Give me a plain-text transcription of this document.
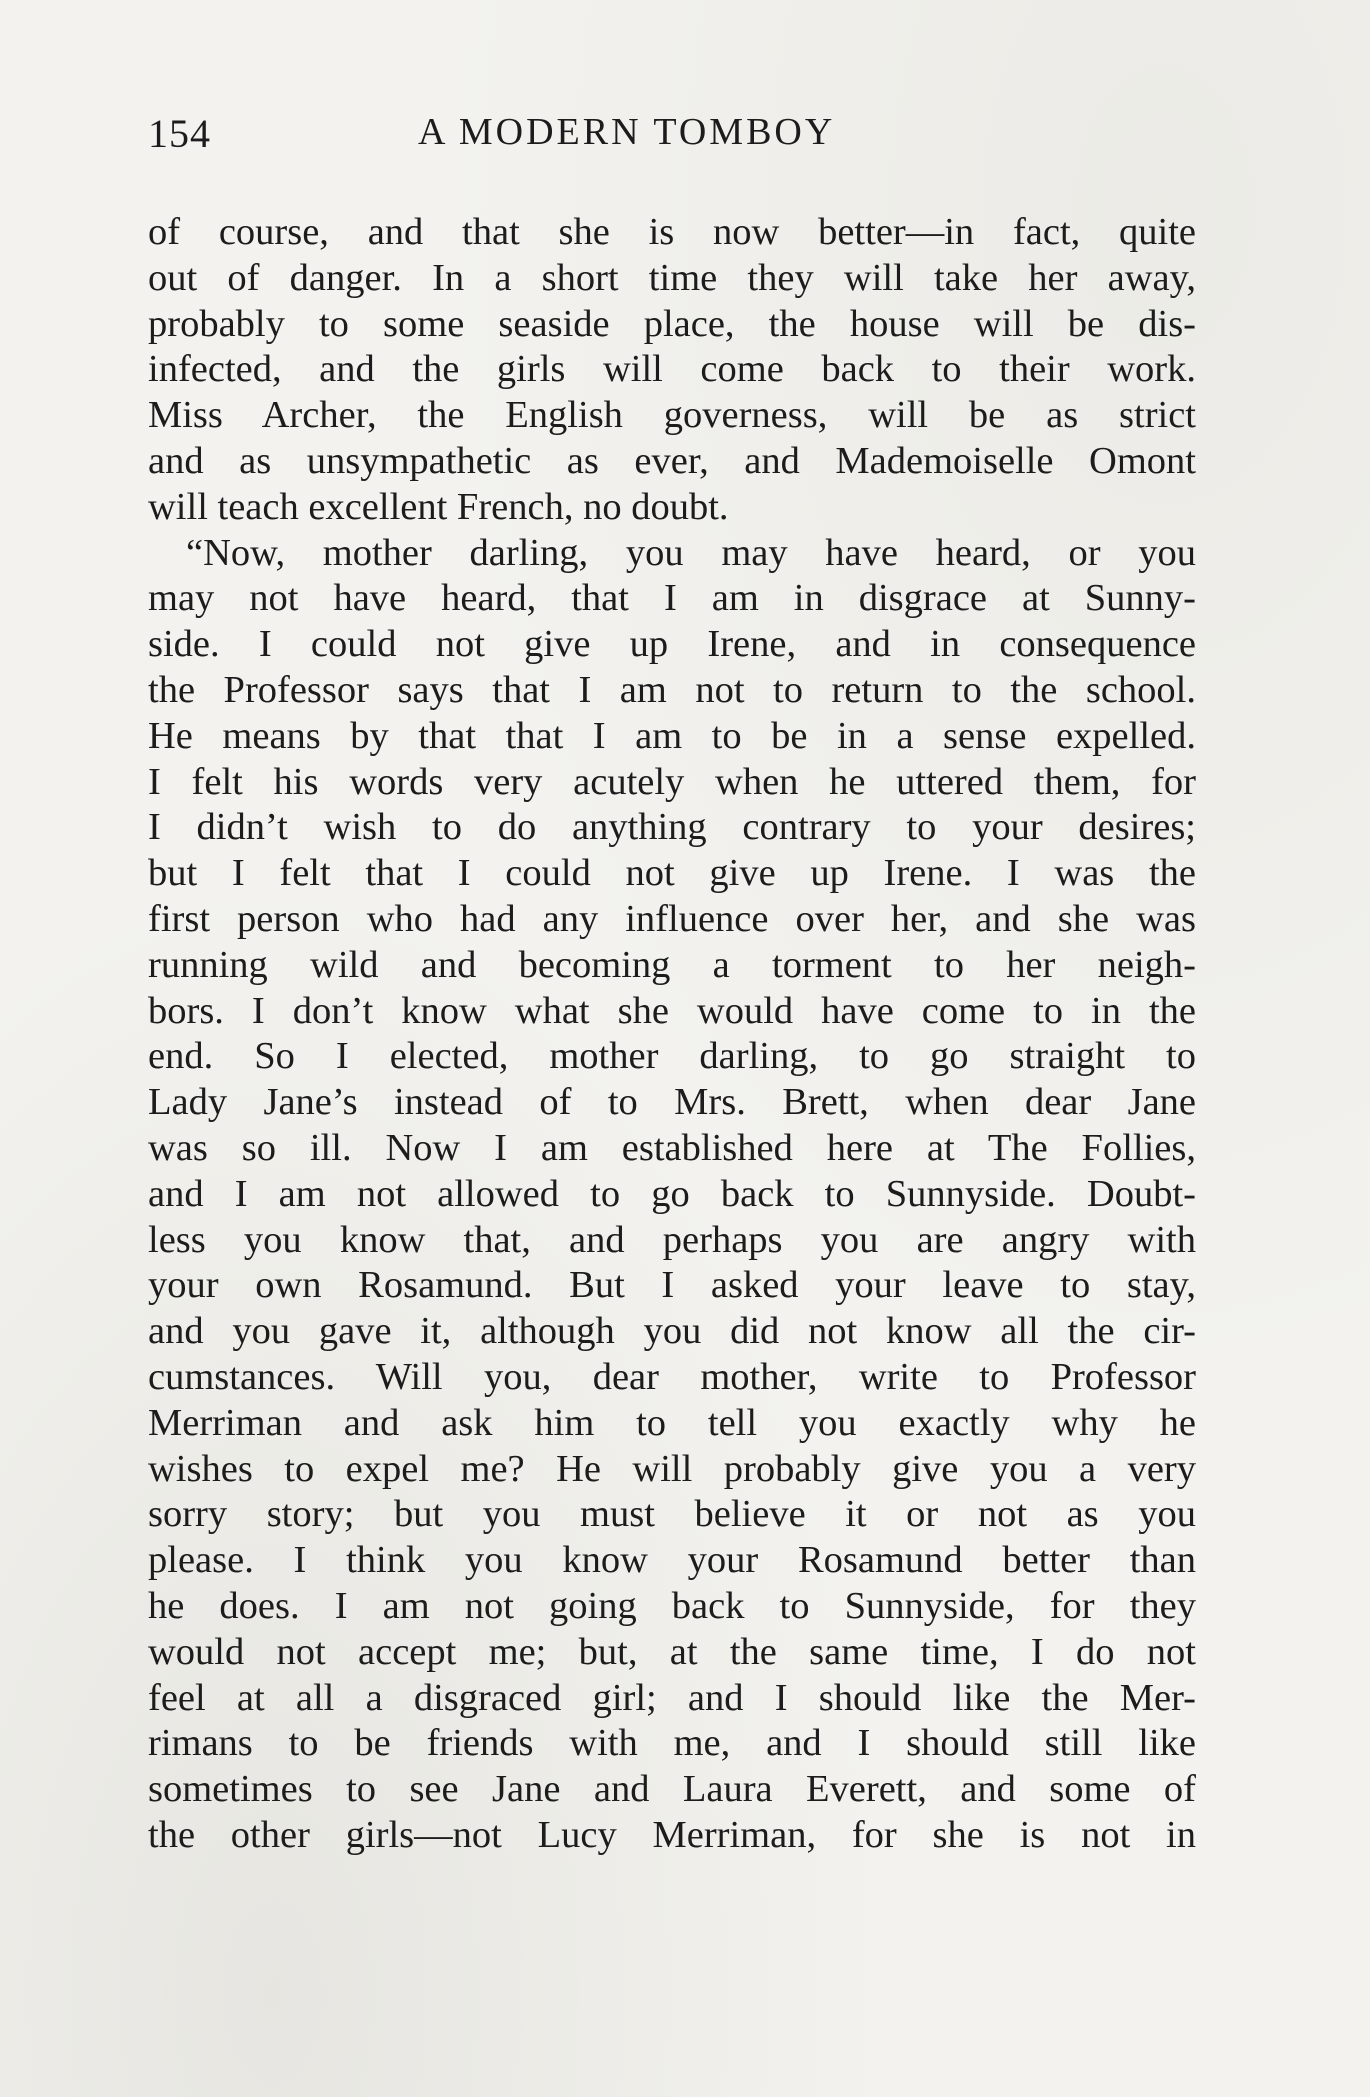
154	A MODERN TOMBOY
of course, and that she is now better—in fact, quite
out of danger. In a short time they will take her away,
probably to some seaside place, the house will be dis-
infected, and the girls will come back to their work.
Miss Archer, the English governess, will be as strict
and as unsympathetic as ever, and Mademoiselle Omont
will teach excellent French, no doubt.
“Now, mother darling, you may have heard, or you
may not have heard, that I am in disgrace at Sunny-
side. I could not give up Irene, and in consequence
the Professor says that I am not to return to the school.
He means by that that I am to be in a sense expelled.
I felt his words very acutely when he uttered them, for
I didn’t wish to do anything contrary to your desires;
but I felt that I could not give up Irene. I was the
first person who had any influence over her, and she was
running wild and becoming a torment to her neigh-
bors. I don’t know what she would have come to in the
end. So I elected, mother darling, to go straight to
Lady Jane’s instead of to Mrs. Brett, when dear Jane
was so ill. Now I am established here at The Follies,
and I am not allowed to go back to Sunnyside. Doubt-
less you know that, and perhaps you are angry with
your own Rosamund. But I asked your leave to stay,
and you gave it, although you did not know all the cir-
cumstances. Will you, dear mother, write to Professor
Merriman and ask him to tell you exactly why he
wishes to expel me? He will probably give you a very
sorry story; but you must believe it or not as you
please. I think you know your Rosamund better than
he does. I am not going back to Sunnyside, for they
would not accept me; but, at the same time, I do not
feel at all a disgraced girl; and I should like the Mer-
rimans to be friends with me, and I should still like
sometimes to see Jane and Laura Everett, and some of
the other girls—not Lucy Merriman, for she is not in
